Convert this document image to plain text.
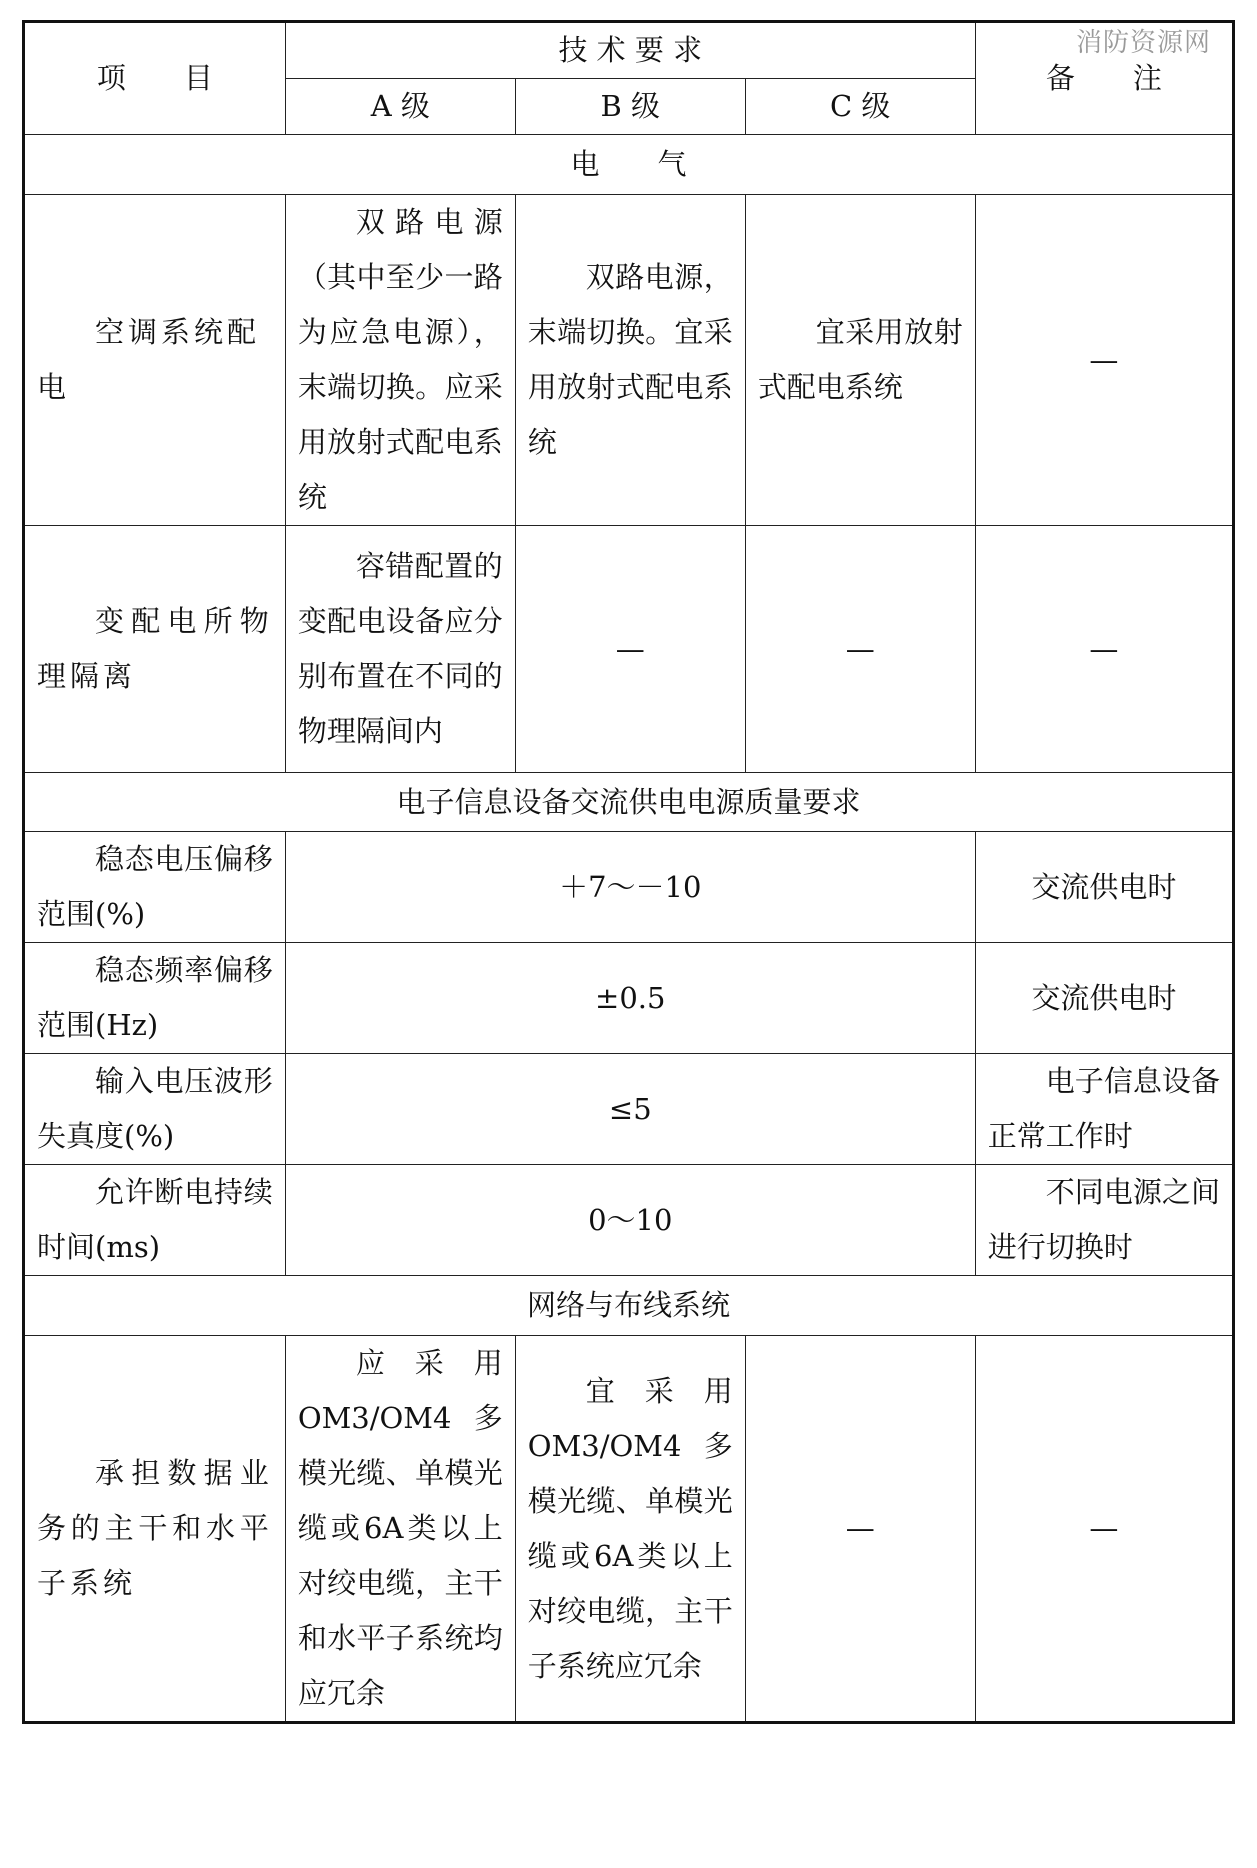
消防资源网
项　　目	技 术 要 求			备　　注
	A 级	B 级	C 级	
电　　气				
空调系统配电	双路电源（其中至少一路为应急电源），末端切换。应采用放射式配电系统	双路电源，末端切换。宜采用放射式配电系统	宜采用放射式配电系统	—
变配电所物理隔离	容错配置的变配电设备应分别布置在不同的物理隔间内	—	—	—
电子信息设备交流供电电源质量要求				
稳态电压偏移范围(%)	＋7～－10			交流供电时
稳态频率偏移范围(Hz)	±0.5			交流供电时
输入电压波形失真度(%)	≤5			电子信息设备正常工作时
允许断电持续时间(ms)	0～10			不同电源之间进行切换时
网络与布线系统				
承担数据业务的主干和水平子系统	应采用OM3/OM4多模光缆、单模光缆或6A类以上对绞电缆，主干和水平子系统均应冗余	宜采用OM3/OM4多模光缆、单模光缆或6A类以上对绞电缆，主干子系统应冗余	—	—
